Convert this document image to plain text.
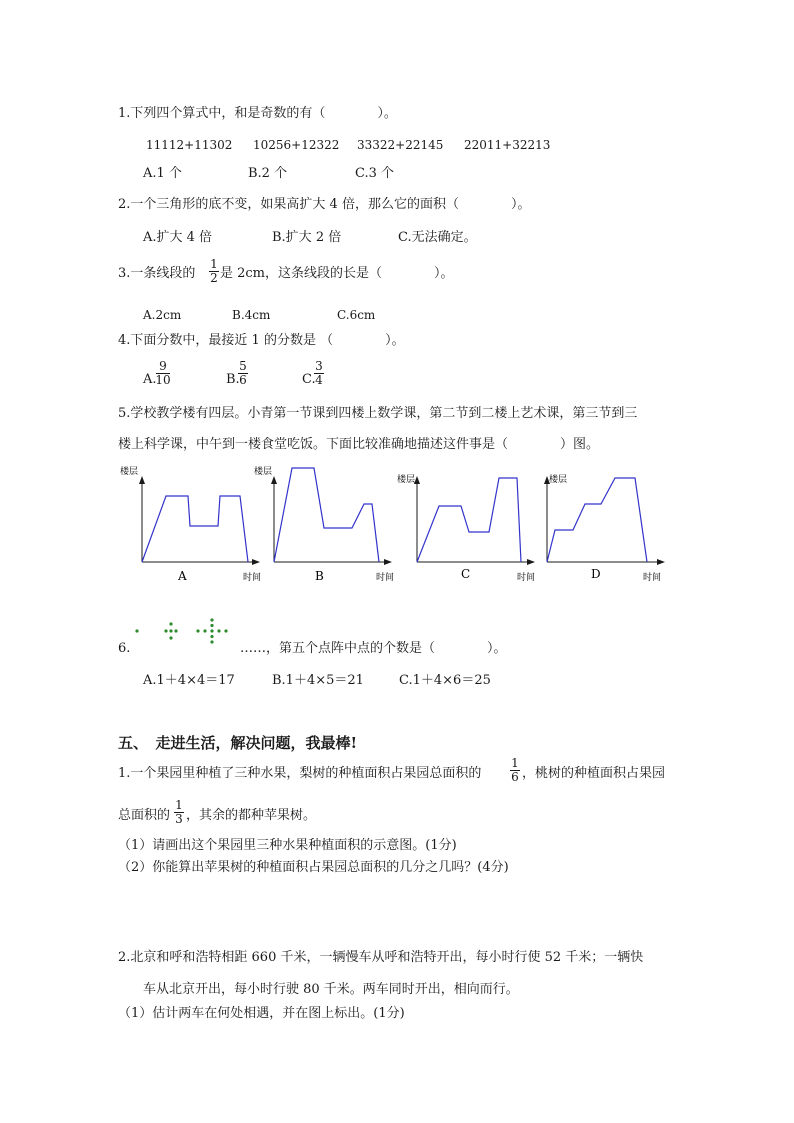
1.下列四个算式中，和是奇数的有（　　　　）。
11112+11302 10256+12322 33322+22145 22011+32213
A.1 个	B.2 个	C.3 个
2.一个三角形的底不变，如果高扩大 4 倍，那么它的面积（　　　　）。
A.扩大 4 倍	B.扩大 2 倍	C.无法确定。
3.一条线段的
1
2 是 2cm，这条线段的长是（　　　　）。
A.2cm	B.4cm	C.6cm
4.下面分数中，最接近 1 的分数是 （　　　　）。
A.
9
10	B.
5
6	C.
3
4
5.学校教学楼有四层。小青第一节课到四楼上数学课，第二节到二楼上艺术课，第三节到三
楼上科学课，中午到一楼食堂吃饭。下面比较准确地描述这件事是（　　　　）图。
楼层
时间
A
楼层
时间
B
楼层
时间
C
楼层
时间
D
6.	……，第五个点阵中点的个数是（　　　　）。
A.1＋4×4＝17	B.1＋4×5＝21	C.1＋4×6＝25
五、　走进生活，解决问题，我最棒!
1.一个果园里种植了三种水果，梨树的种植面积占果园总面积的
1
6 ，桃树的种植面积占果园
总面积的
1
3 ，其余的都种苹果树。
（1）请画出这个果园里三种水果种植面积的示意图。(1分)
（2）你能算出苹果树的种植面积占果园总面积的几分之几吗？(4分)
2.北京和呼和浩特相距 660 千米，一辆慢车从呼和浩特开出，每小时行使 52 千米；一辆快
车从北京开出，每小时行驶 80 千米。两车同时开出，相向而行。
（1）估计两车在何处相遇，并在图上标出。(1分)
